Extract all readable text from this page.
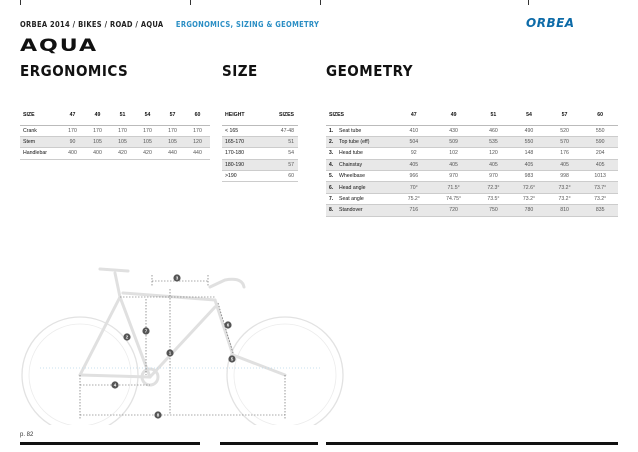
ORBEA 2014 / BIKES / ROAD / AQUA ERGONOMICS, SIZING & GEOMETRY	ORBEA
AQUA
ERGONOMICS	SIZE	GEOMETRY
SIZE	47	49	51	54	57	60
Crank	170	170	170	170	170	170
Stem	90	105	105	105	105	120
Handlebar	400	400	420	420	440	440
HEIGHT	SIZES
< 165	47-48
165-170	51
170-180	54
180-190	57
>190	60
SIZES	47	49	51	54	57	60
1. Seat tube	410	430	460	490	520	550
2. Top tube (eff)	504	509	535	550	570	590
3. Head tube	92	102	120	148	176	204
4. Chainstay	405	405	405	405	405	405
5. Wheelbase	966	970	970	983	998	1013
6. Head angle	70°	71.5°	72.3°	72.6°	73.2°	73.7°
7. Seat angle	75.2°	74.75°	73.5°	73.2°	73.2°	73.2°
8. Standover	716	720	750	780	810	835
2
3
6
4
8
5
7
1
p. 82
